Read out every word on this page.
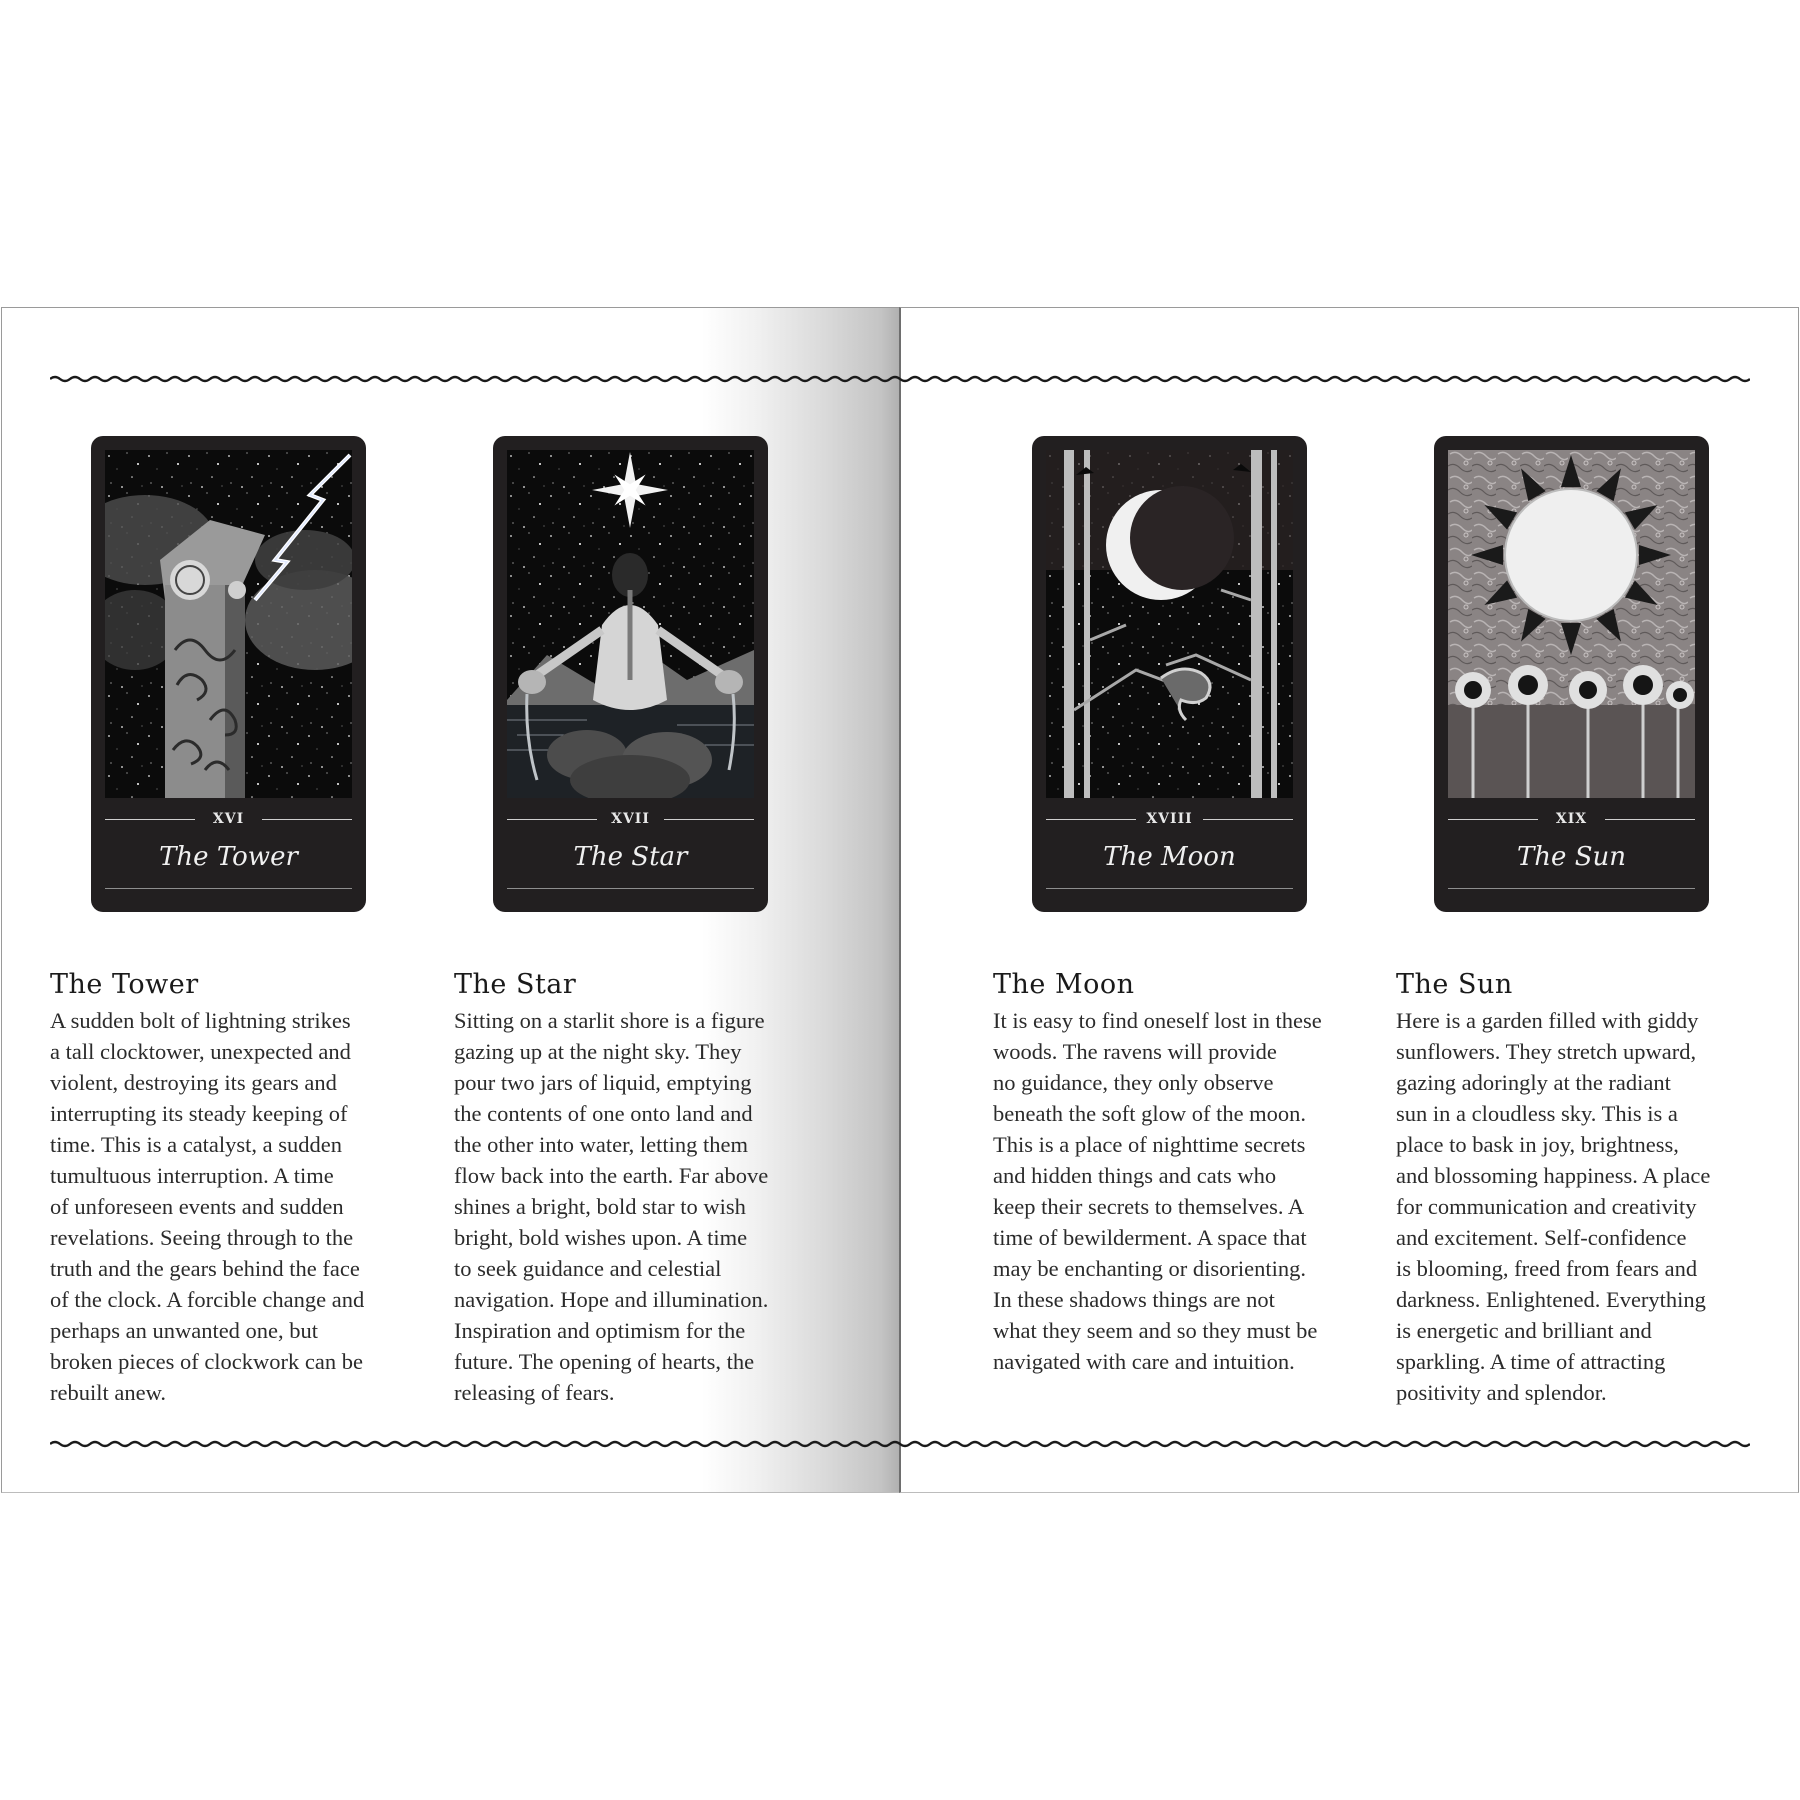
XVI
The Tower
XVII
The Star
XVIII
The Moon
XIX
The Sun
The Tower

A sudden bolt of lightning strikes
a tall clocktower, unexpected and
violent, destroying its gears and
interrupting its steady keeping of
time. This is a catalyst, a sudden
tumultuous interruption. A time
of unforeseen events and sudden
revelations. Seeing through to the
truth and the gears behind the face
of the clock. A forcible change and
perhaps an unwanted one, but
broken pieces of clockwork can be
rebuilt anew.

The Star

Sitting on a starlit shore is a figure
gazing up at the night sky. They
pour two jars of liquid, emptying
the contents of one onto land and
the other into water, letting them
flow back into the earth. Far above
shines a bright, bold star to wish
bright, bold wishes upon. A time
to seek guidance and celestial
navigation. Hope and illumination.
Inspiration and optimism for the
future. The opening of hearts, the
releasing of fears.

The Moon

It is easy to find oneself lost in these
woods. The ravens will provide
no guidance, they only observe
beneath the soft glow of the moon.
This is a place of nighttime secrets
and hidden things and cats who
keep their secrets to themselves. A
time of bewilderment. A space that
may be enchanting or disorienting.
In these shadows things are not
what they seem and so they must be
navigated with care and intuition.

The Sun

Here is a garden filled with giddy
sunflowers. They stretch upward,
gazing adoringly at the radiant
sun in a cloudless sky. This is a
place to bask in joy, brightness,
and blossoming happiness. A place
for communication and creativity
and excitement. Self-confidence
is blooming, freed from fears and
darkness. Enlightened. Everything
is energetic and brilliant and
sparkling. A time of attracting
positivity and splendor.
